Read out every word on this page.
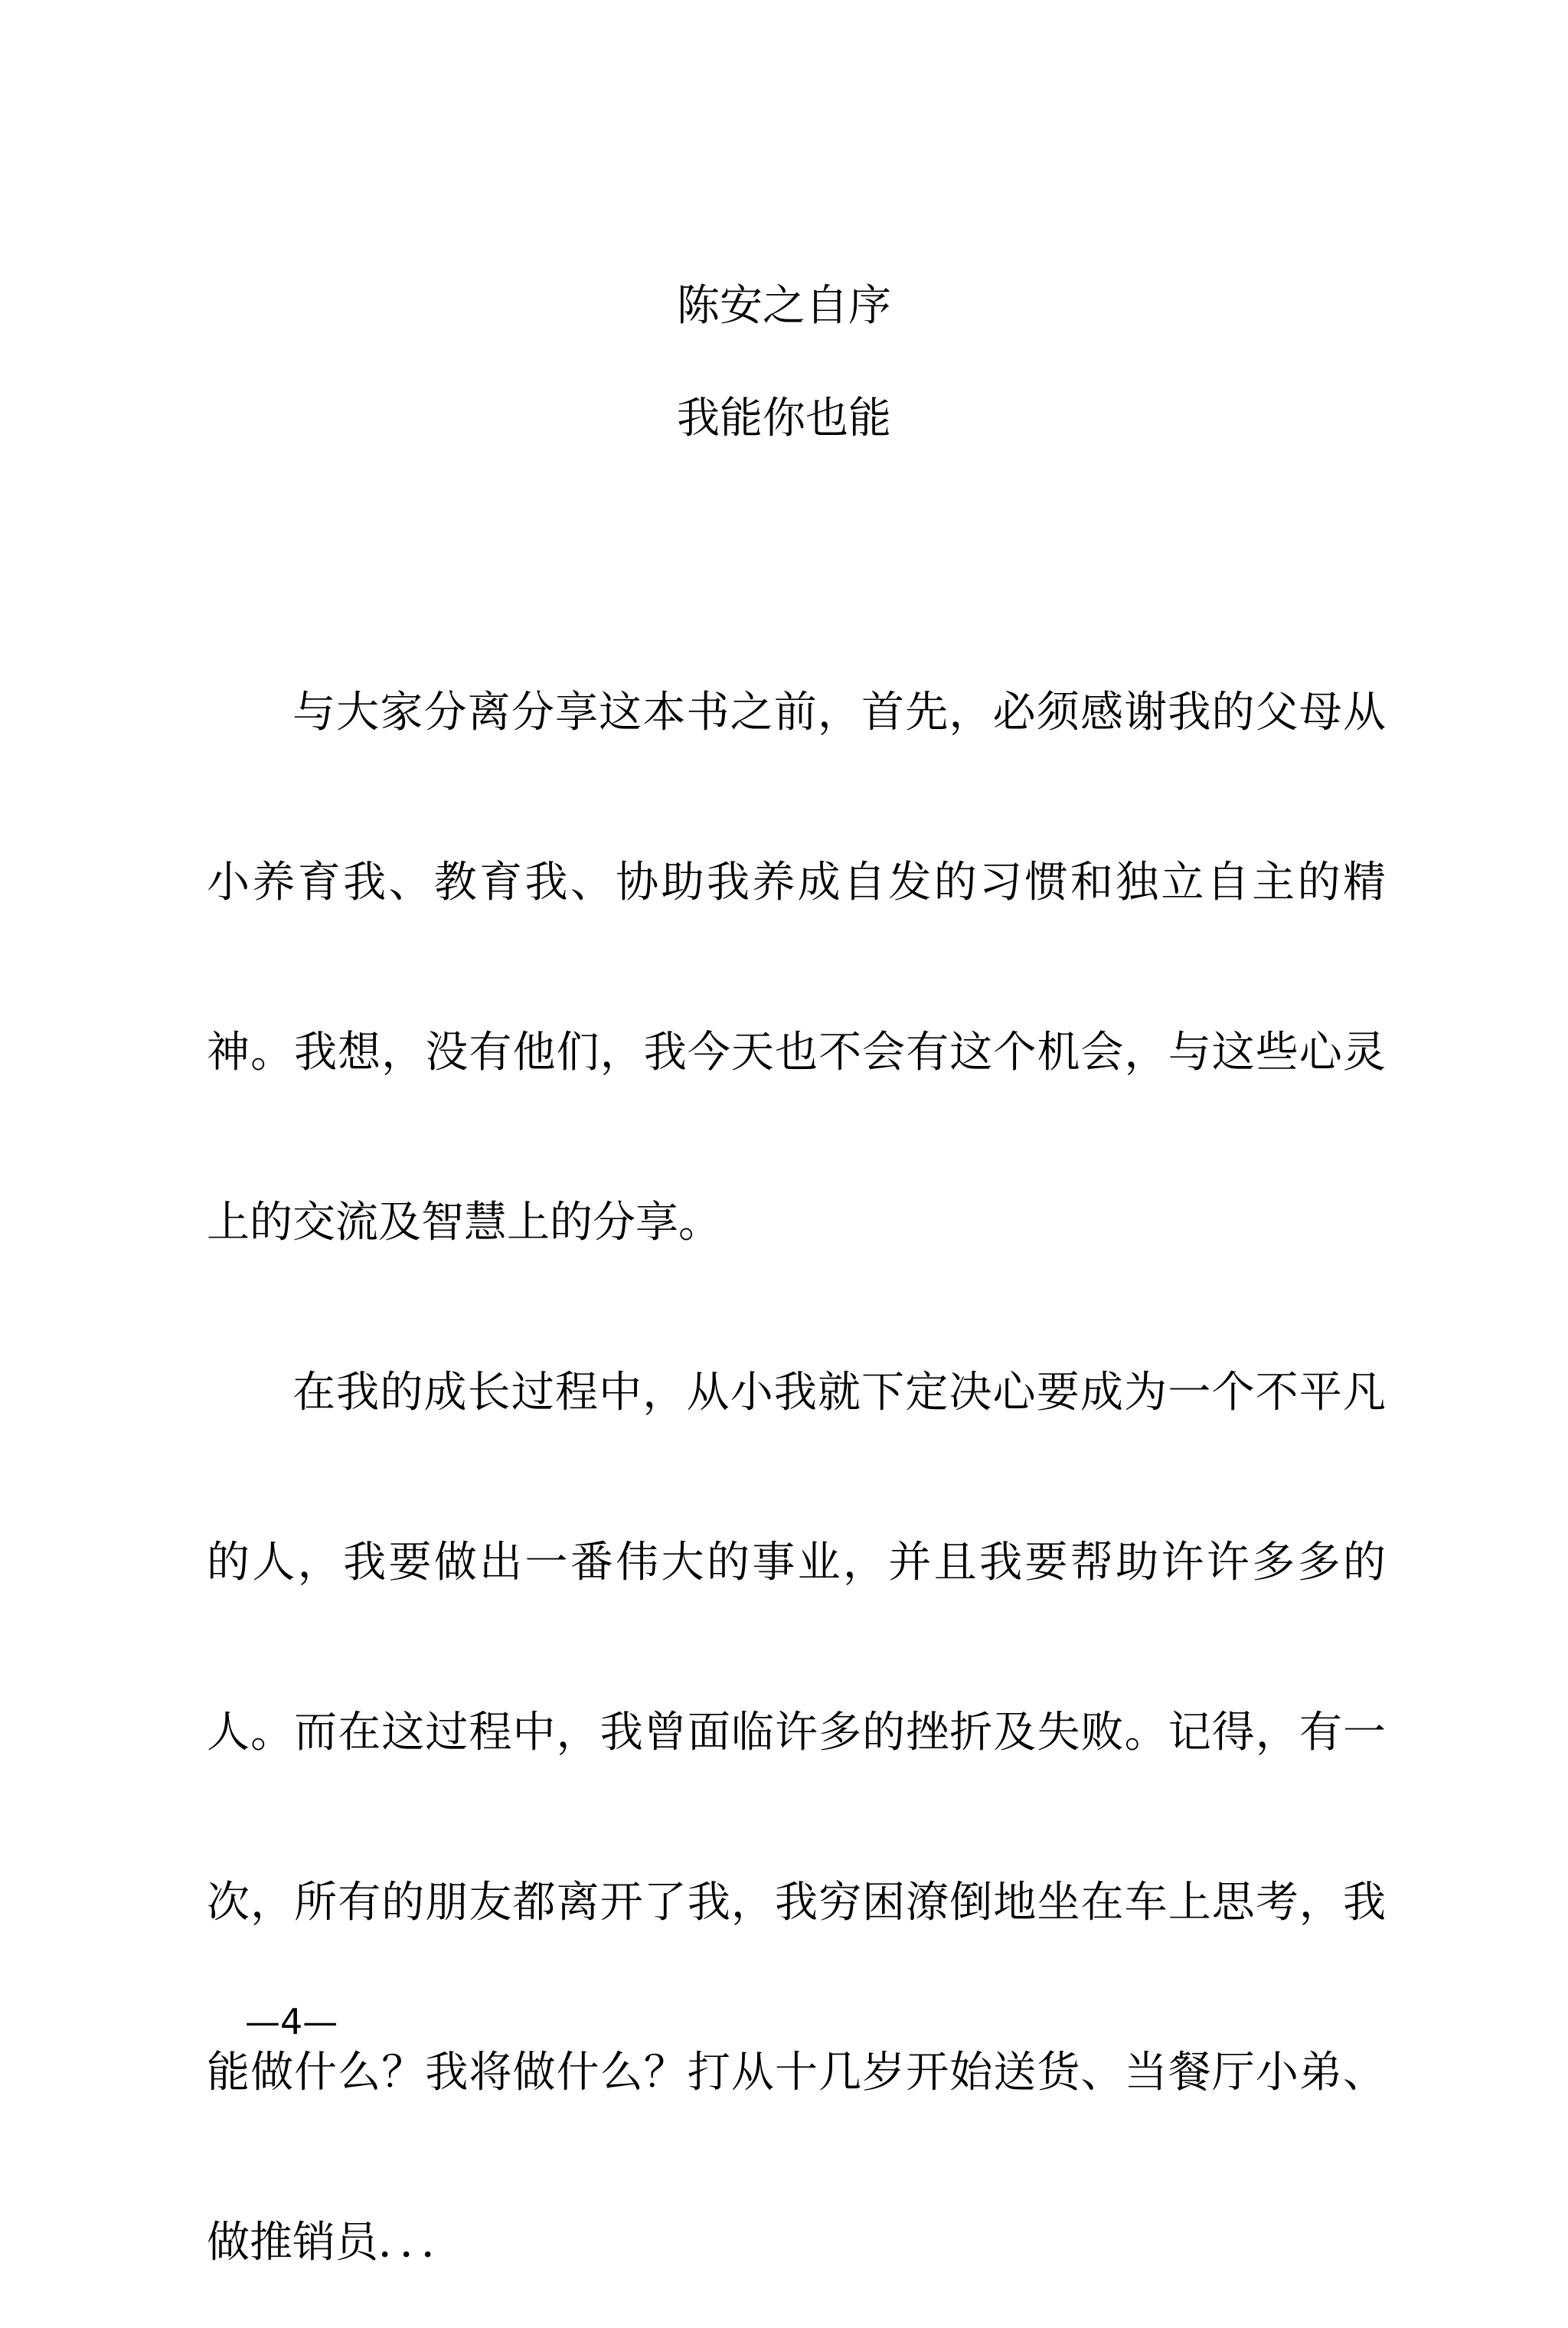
陈安之自序
我能你也能

与大家分离分享这本书之前，首先，必须感谢我的父母从小养育我、教育我、协助我养成自发的习惯和独立自主的精神。我想，没有他们，我今天也不会有这个机会，与这些心灵上的交流及智慧上的分享。

在我的成长过程中，从小我就下定决心要成为一个不平凡的人，我要做出一番伟大的事业，并且我要帮助许许多多的人。而在这过程中，我曾面临许多的挫折及失败。记得，有一次，所有的朋友都离开了我，我穷困潦倒地坐在车上思考，我能做什么？我将做什么？打从十几岁开始送货、当餐厅小弟、做推销员．．．

—4—
